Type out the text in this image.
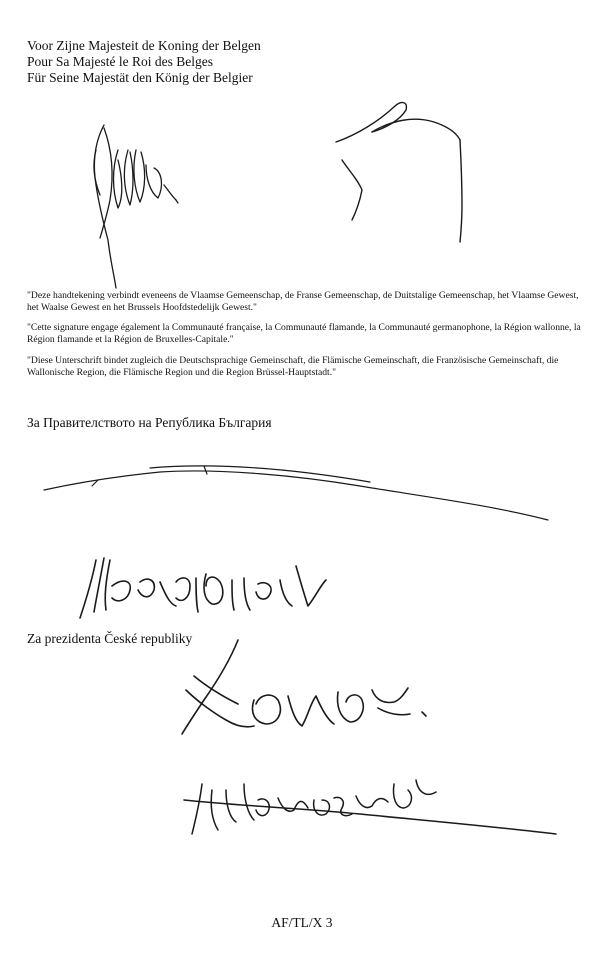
Voor Zijne Majesteit de Koning der Belgen
Pour Sa Majesté le Roi des Belges
Für Seine Majestät den König der Belgier
"Deze handtekening verbindt eveneens de Vlaamse Gemeenschap, de Franse Gemeenschap, de Duitstalige Gemeenschap, het Vlaamse Gewest, het Waalse Gewest en het Brussels Hoofdstedelijk Gewest."
"Cette signature engage également la Communauté française, la Communauté flamande, la Communauté germanophone, la Région wallonne, la Région flamande et la Région de Bruxelles-Capitale."
"Diese Unterschrift bindet zugleich die Deutschsprachige Gemeinschaft, die Flämische Gemeinschaft, die Französische Gemeinschaft, die Wallonische Region, die Flämische Region und die Region Brüssel-Hauptstadt."
За Правителството на Република България
Za prezidenta České republiky
AF/TL/X 3
